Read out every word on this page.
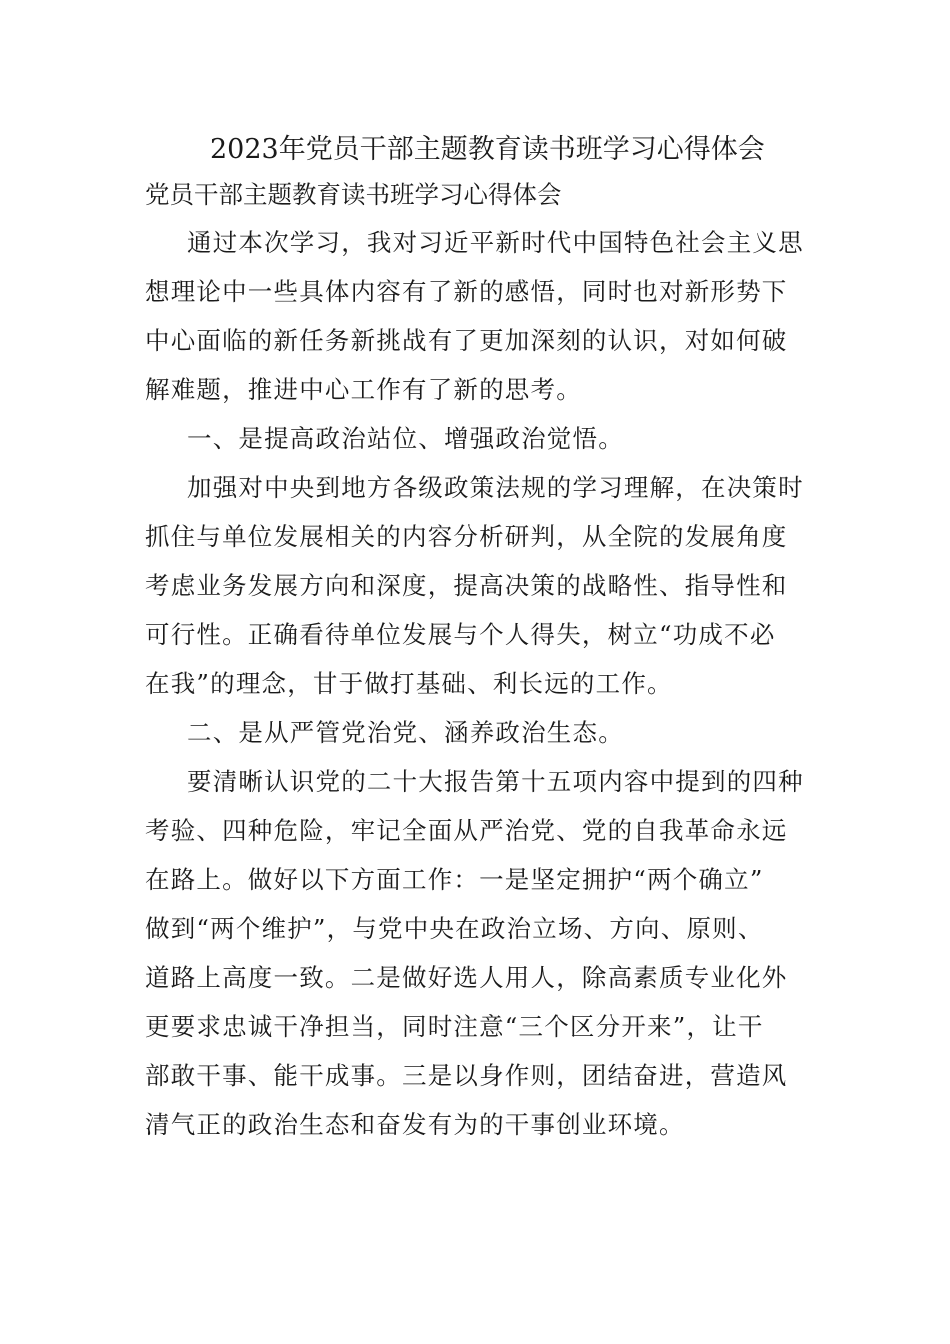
2023年党员干部主题教育读书班学习心得体会

党员干部主题教育读书班学习心得体会

通过本次学习，我对习近平新时代中国特色社会主义思
想理论中一些具体内容有了新的感悟，同时也对新形势下
中心面临的新任务新挑战有了更加深刻的认识，对如何破
解难题，推进中心工作有了新的思考。

一、是提高政治站位、增强政治觉悟。

加强对中央到地方各级政策法规的学习理解，在决策时
抓住与单位发展相关的内容分析研判，从全院的发展角度
考虑业务发展方向和深度，提高决策的战略性、指导性和
可行性。正确看待单位发展与个人得失，树立“功成不必
在我”的理念，甘于做打基础、利长远的工作。

二、是从严管党治党、涵养政治生态。

要清晰认识党的二十大报告第十五项内容中提到的四种
考验、四种危险，牢记全面从严治党、党的自我革命永远
在路上。做好以下方面工作：一是坚定拥护“两个确立”
做到“两个维护”，与党中央在政治立场、方向、原则、
道路上高度一致。二是做好选人用人，除高素质专业化外
更要求忠诚干净担当，同时注意“三个区分开来”，让干
部敢干事、能干成事。三是以身作则，团结奋进，营造风
清气正的政治生态和奋发有为的干事创业环境。
